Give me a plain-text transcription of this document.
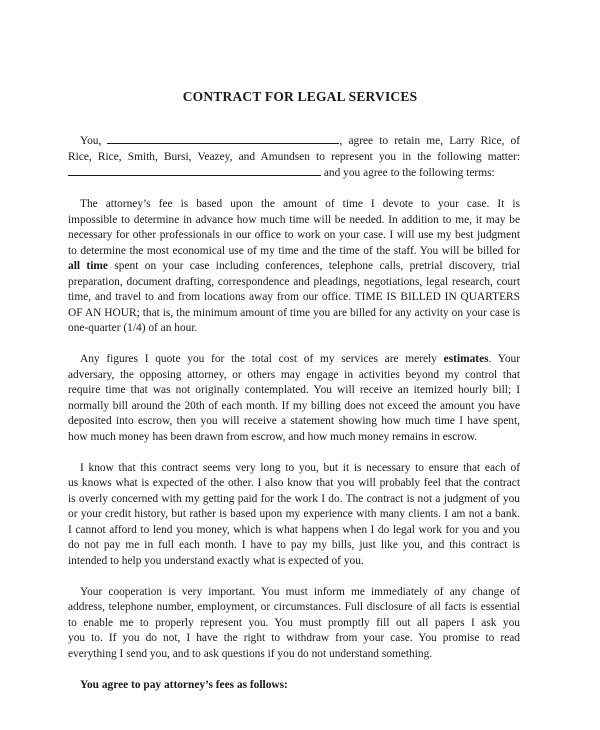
CONTRACT FOR LEGAL SERVICES

You,	, agree to retain me, Larry Rice, of
Rice, Rice, Smith, Bursi, Veazey, and Amundsen to represent you in the following matter:
and you agree to the following terms:

The attorney’s fee is based upon the amount of time I devote to your case. It is
impossible to determine in advance how much time will be needed. In addition to me, it may be
necessary for other professionals in our office to work on your case. I will use my best judgment
to determine the most economical use of my time and the time of the staff. You will be billed for
all time spent on your case including conferences, telephone calls, pretrial discovery, trial
preparation, document drafting, correspondence and pleadings, negotiations, legal research, court
time, and travel to and from locations away from our office. TIME IS BILLED IN QUARTERS
OF AN HOUR; that is, the minimum amount of time you are billed for any activity on your case is
one-quarter (1/4) of an hour.

Any figures I quote you for the total cost of my services are merely estimates. Your
adversary, the opposing attorney, or others may engage in activities beyond my control that
require time that was not originally contemplated. You will receive an itemized hourly bill; I
normally bill around the 20th of each month. If my billing does not exceed the amount you have
deposited into escrow, then you will receive a statement showing how much time I have spent,
how much money has been drawn from escrow, and how much money remains in escrow.

I know that this contract seems very long to you, but it is necessary to ensure that each of
us knows what is expected of the other. I also know that you will probably feel that the contract
is overly concerned with my getting paid for the work I do. The contract is not a judgment of you
or your credit history, but rather is based upon my experience with many clients. I am not a bank.
I cannot afford to lend you money, which is what happens when I do legal work for you and you
do not pay me in full each month. I have to pay my bills, just like you, and this contract is
intended to help you understand exactly what is expected of you.

Your cooperation is very important. You must inform me immediately of any change of
address, telephone number, employment, or circumstances. Full disclosure of all facts is essential
to enable me to properly represent you. You must promptly fill out all papers I ask you
you to. If you do not, I have the right to withdraw from your case. You promise to read
everything I send you, and to ask questions if you do not understand something.

You agree to pay attorney’s fees as follows:
